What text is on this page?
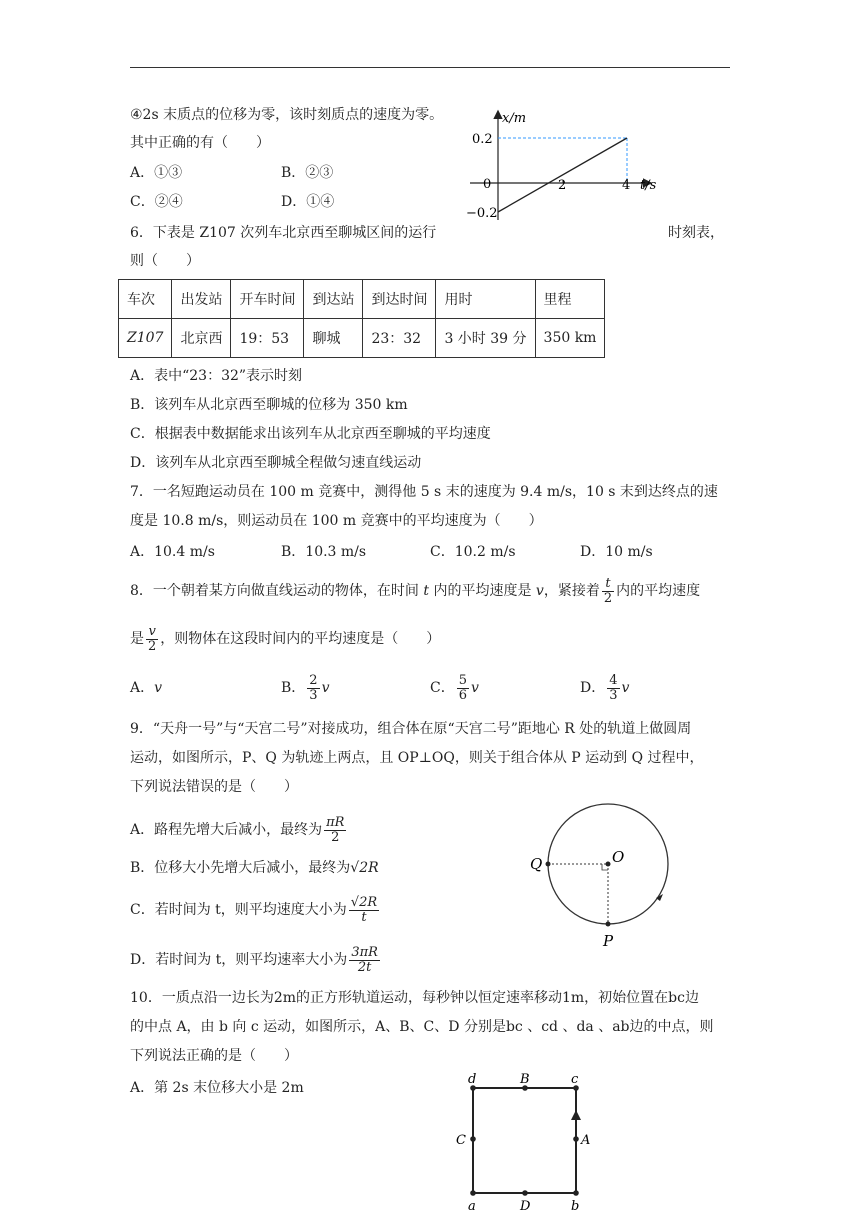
④2s 末质点的位移为零，该时刻质点的速度为零。
其中正确的有（　　）
A．①③	B．②③
C．②④	D．①④
x/m
t/s
0.2
−0.2
0	2	4
6．下表是 Z107 次列车北京西至聊城区间的运行	时刻表，
则（　　）
车次	出发站	开车时间	到达站	到达时间	用时	里程
Z107	北京西	19：53	聊城	23：32	3 小时 39 分	350 km
A．表中“23：32”表示时刻
B．该列车从北京西至聊城的位移为 350 km
C．根据表中数据能求出该列车从北京西至聊城的平均速度
D．该列车从北京西至聊城全程做匀速直线运动
7．一名短跑运动员在 100 m 竞赛中，测得他 5 s 末的速度为 9.4 m/s，10 s 末到达终点的速
度是 10.8 m/s，则运动员在 100 m 竞赛中的平均速度为（　　）
A．10.4 m/s	B．10.3 m/s	C．10.2 m/s	D．10 m/s
8．一个朝着某方向做直线运动的物体，在时间 t 内的平均速度是 v，紧接着 $\frac{t}{2}$ 内的平均速度
是 $\frac{v}{2}$ ，则物体在这段时间内的平均速度是（　　）
A．v	B． $\frac{2}{3}$ v	C． $\frac{5}{6}$ v	D． $\frac{4}{3}$ v
9．“天舟一号”与“天宫二号”对接成功，组合体在原“天宫二号”距地心 R 处的轨道上做圆周
运动，如图所示，P、Q 为轨迹上两点，且 OP⊥OQ，则关于组合体从 P 运动到 Q 过程中，
下列说法错误的是（　　）
A．路程先增大后减小，最终为 $\frac{\pi R}{2}$
B．位移大小先增大后减小，最终为√2R
C．若时间为 t，则平均速度大小为 $\frac{√2R}{t}$
D．若时间为 t，则平均速率大小为 $\frac{3\pi R}{2t}$
Q	O
P
10．一质点沿一边长为2m的正方形轨道运动，每秒钟以恒定速率移动1m，初始位置在bc边
的中点 A，由 b 向 c 运动，如图所示，A、B、C、D 分别是bc 、cd 、da 、ab边的中点，则
下列说法正确的是（　　）
A．第 2s 末位移大小是 2m
d	B	c
C	A
a	D	b
